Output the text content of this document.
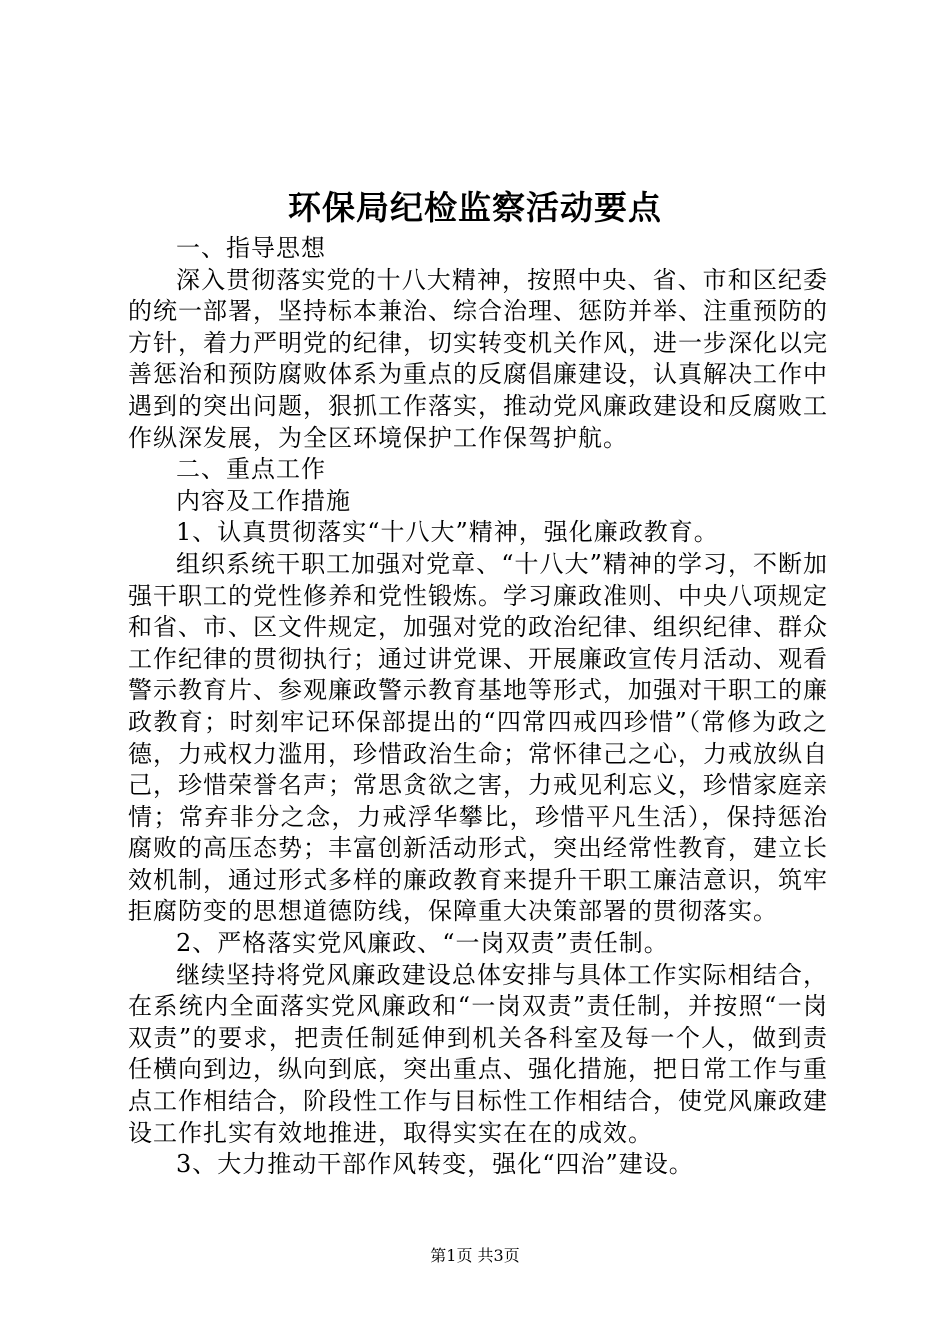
环保局纪检监察活动要点

一、指导思想

深入贯彻落实党的十八大精神，按照中央、省、市和区纪委的统一部署，坚持标本兼治、综合治理、惩防并举、注重预防的方针，着力严明党的纪律，切实转变机关作风，进一步深化以完善惩治和预防腐败体系为重点的反腐倡廉建设，认真解决工作中遇到的突出问题，狠抓工作落实，推动党风廉政建设和反腐败工作纵深发展，为全区环境保护工作保驾护航。

二、重点工作

内容及工作措施

1、认真贯彻落实“十八大”精神，强化廉政教育。

组织系统干职工加强对党章、“十八大”精神的学习，不断加强干职工的党性修养和党性锻炼。学习廉政准则、中央八项规定和省、市、区文件规定，加强对党的政治纪律、组织纪律、群众工作纪律的贯彻执行；通过讲党课、开展廉政宣传月活动、观看警示教育片、参观廉政警示教育基地等形式，加强对干职工的廉政教育；时刻牢记环保部提出的“四常四戒四珍惜”（常修为政之德，力戒权力滥用，珍惜政治生命；常怀律己之心，力戒放纵自己，珍惜荣誉名声；常思贪欲之害，力戒见利忘义，珍惜家庭亲情；常弃非分之念，力戒浮华攀比，珍惜平凡生活），保持惩治腐败的高压态势；丰富创新活动形式，突出经常性教育，建立长效机制，通过形式多样的廉政教育来提升干职工廉洁意识，筑牢拒腐防变的思想道德防线，保障重大决策部署的贯彻落实。

2、严格落实党风廉政、“一岗双责”责任制。

继续坚持将党风廉政建设总体安排与具体工作实际相结合，在系统内全面落实党风廉政和“一岗双责”责任制，并按照“一岗双责”的要求，把责任制延伸到机关各科室及每一个人，做到责任横向到边，纵向到底，突出重点、强化措施，把日常工作与重点工作相结合，阶段性工作与目标性工作相结合，使党风廉政建设工作扎实有效地推进，取得实实在在的成效。

3、大力推动干部作风转变，强化“四治”建设。

第1页 共3页
